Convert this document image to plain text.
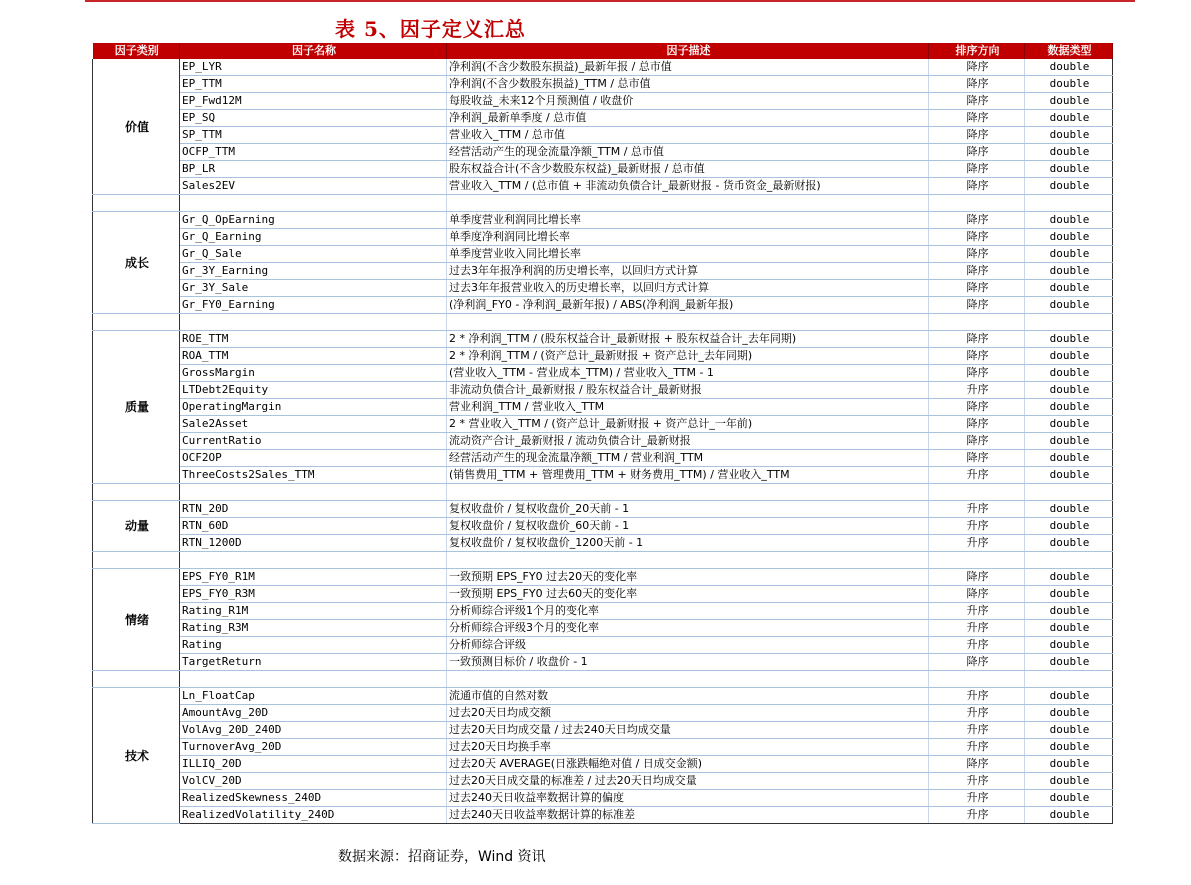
表 5、因子定义汇总
因子类别	因子名称	因子描述	排序方向	数据类型
价值	EP_LYR	净利润(不含少数股东损益)_最新年报 / 总市值	降序	double
	EP_TTM	净利润(不含少数股东损益)_TTM / 总市值	降序	double
	EP_Fwd12M	每股收益_未来12个月预测值 / 收盘价	降序	double
	EP_SQ	净利润_最新单季度 / 总市值	降序	double
	SP_TTM	营业收入_TTM / 总市值	降序	double
	OCFP_TTM	经营活动产生的现金流量净额_TTM / 总市值	降序	double
	BP_LR	股东权益合计(不含少数股东权益)_最新财报 / 总市值	降序	double
	Sales2EV	营业收入_TTM / (总市值 + 非流动负债合计_最新财报 - 货币资金_最新财报)	降序	double

成长	Gr_Q_OpEarning	单季度营业利润同比增长率	降序	double
	Gr_Q_Earning	单季度净利润同比增长率	降序	double
	Gr_Q_Sale	单季度营业收入同比增长率	降序	double
	Gr_3Y_Earning	过去3年年报净利润的历史增长率，以回归方式计算	降序	double
	Gr_3Y_Sale	过去3年年报营业收入的历史增长率，以回归方式计算	降序	double
	Gr_FY0_Earning	(净利润_FY0 - 净利润_最新年报) / ABS(净利润_最新年报)	降序	double

质量	ROE_TTM	2 * 净利润_TTM / (股东权益合计_最新财报 + 股东权益合计_去年同期)	降序	double
	ROA_TTM	2 * 净利润_TTM / (资产总计_最新财报 + 资产总计_去年同期)	降序	double
	GrossMargin	(营业收入_TTM - 营业成本_TTM) / 营业收入_TTM - 1	降序	double
	LTDebt2Equity	非流动负债合计_最新财报 / 股东权益合计_最新财报	升序	double
	OperatingMargin	营业利润_TTM / 营业收入_TTM	降序	double
	Sale2Asset	2 * 营业收入_TTM / (资产总计_最新财报 + 资产总计_一年前)	降序	double
	CurrentRatio	流动资产合计_最新财报 / 流动负债合计_最新财报	降序	double
	OCF2OP	经营活动产生的现金流量净额_TTM / 营业利润_TTM	降序	double
	ThreeCosts2Sales_TTM	(销售费用_TTM + 管理费用_TTM + 财务费用_TTM) / 营业收入_TTM	升序	double

动量	RTN_20D	复权收盘价 / 复权收盘价_20天前 - 1	升序	double
	RTN_60D	复权收盘价 / 复权收盘价_60天前 - 1	升序	double
	RTN_1200D	复权收盘价 / 复权收盘价_1200天前 - 1	升序	double

情绪	EPS_FY0_R1M	一致预期 EPS_FY0 过去20天的变化率	降序	double
	EPS_FY0_R3M	一致预期 EPS_FY0 过去60天的变化率	降序	double
	Rating_R1M	分析师综合评级1个月的变化率	升序	double
	Rating_R3M	分析师综合评级3个月的变化率	升序	double
	Rating	分析师综合评级	升序	double
	TargetReturn	一致预测目标价 / 收盘价 - 1	降序	double

技术	Ln_FloatCap	流通市值的自然对数	升序	double
	AmountAvg_20D	过去20天日均成交额	升序	double
	VolAvg_20D_240D	过去20天日均成交量 / 过去240天日均成交量	升序	double
	TurnoverAvg_20D	过去20天日均换手率	升序	double
	ILLIQ_20D	过去20天 AVERAGE(日涨跌幅绝对值 / 日成交金额)	降序	double
	VolCV_20D	过去20天日成交量的标准差 / 过去20天日均成交量	升序	double
	RealizedSkewness_240D	过去240天日收益率数据计算的偏度	升序	double
	RealizedVolatility_240D	过去240天日收益率数据计算的标准差	升序	double
数据来源：招商证券，Wind 资讯
